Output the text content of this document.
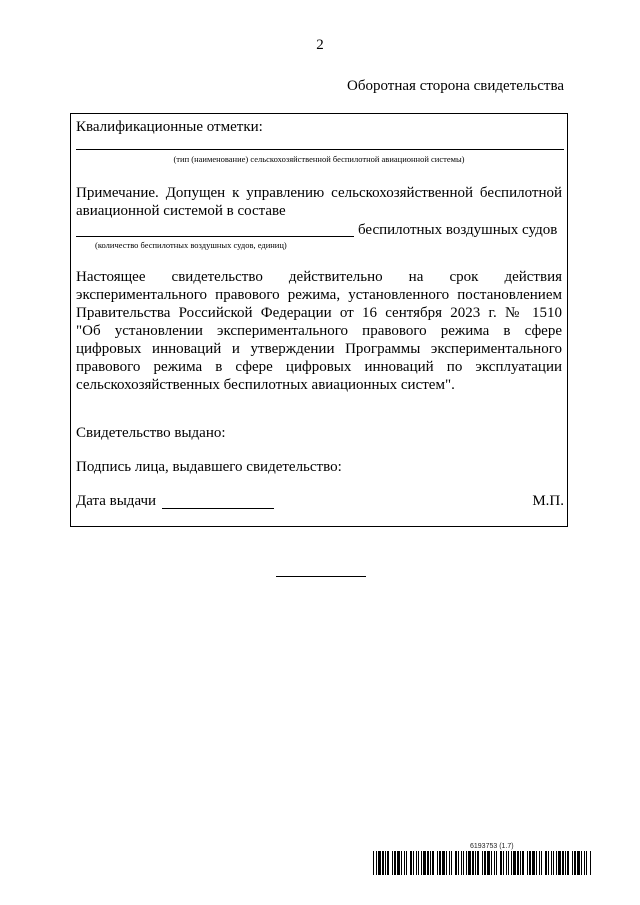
2
Оборотная сторона свидетельства
Квалификационные отметки:
(тип (наименование) сельскохозяйственной беспилотной авиационной системы)
Примечание. Допущен к управлению сельскохозяйственной беспилотной
авиационной системой в составе
беспилотных воздушных судов
(количество беспилотных воздушных судов, единиц)
Настоящее свидетельство действительно на срок действия
экспериментального правового режима, установленного постановлением
Правительства Российской Федерации от 16 сентября 2023 г. № 1510
"Об установлении экспериментального правового режима в сфере
цифровых инноваций и утверждении Программы экспериментального
правового режима в сфере цифровых инноваций по эксплуатации
сельскохозяйственных беспилотных авиационных систем".
Свидетельство выдано:
Подпись лица, выдавшего свидетельство:
Дата выдачи	М.П.
6193753 (1.7)
